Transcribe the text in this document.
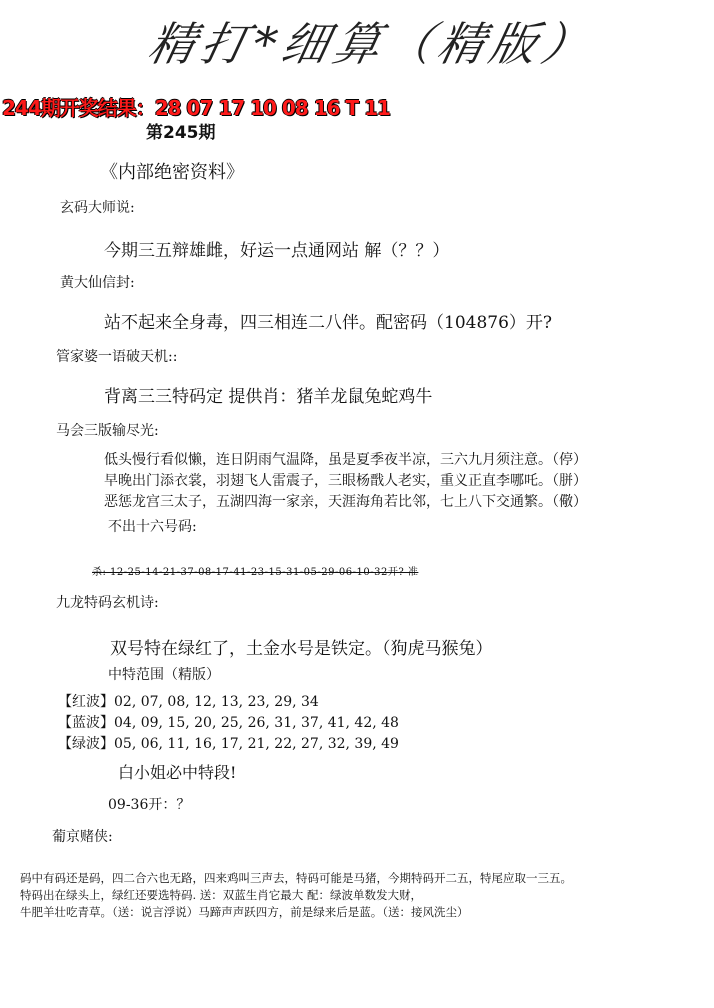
精打*细算（精版）
244期开奖结果：28 07 17 10 08 16 T 11
第245期
《内部绝密资料》
玄码大师说:
今期三五辩雄雌，好运一点通网站 解（？？）
黄大仙信封:
站不起来全身毒，四三相连二八伴。配密码（104876）开?
管家婆一语破天机::
背离三三特码定 提供肖：猪羊龙鼠兔蛇鸡牛
马会三版输尽光:
低头慢行看似懒，连日阴雨气温降，虽是夏季夜半凉，三六九月须注意。（停）
早晚出门添衣裳，羽翅飞人雷震子，三眼杨戬人老实，重义正直李哪吒。（胼）
恶惩龙宫三太子，五湖四海一家亲，天涯海角若比邻，七上八下交通繁。（儆）
不出十六号码:
杀: 12-25-14-21-37-08-17-41-23-15-31-05-29-06-10-32开? 准
九龙特码玄机诗:
双号特在绿红了，土金水号是铁定。（狗虎马猴兔）
中特范围（精版）
【红波】02, 07, 08, 12, 13, 23, 29, 34
【蓝波】04, 09, 15, 20, 25, 26, 31, 37, 41, 42, 48
【绿波】05, 06, 11, 16, 17, 21, 22, 27, 32, 39, 49
白小姐必中特段!
09-36开：？
葡京赌侠:
码中有码还是码，四二合六也无路，四来鸡叫三声去，特码可能是马猪，今期特码开二五，特尾应取一三五。
特码出在绿头上，绿红还要选特码. 送：双蓝生肖它最大 配：绿波单数发大财，
牛肥羊壮吃青草。（送：说言浮说）马蹄声声跃四方，前是绿来后是蓝。（送：接风洗尘）
